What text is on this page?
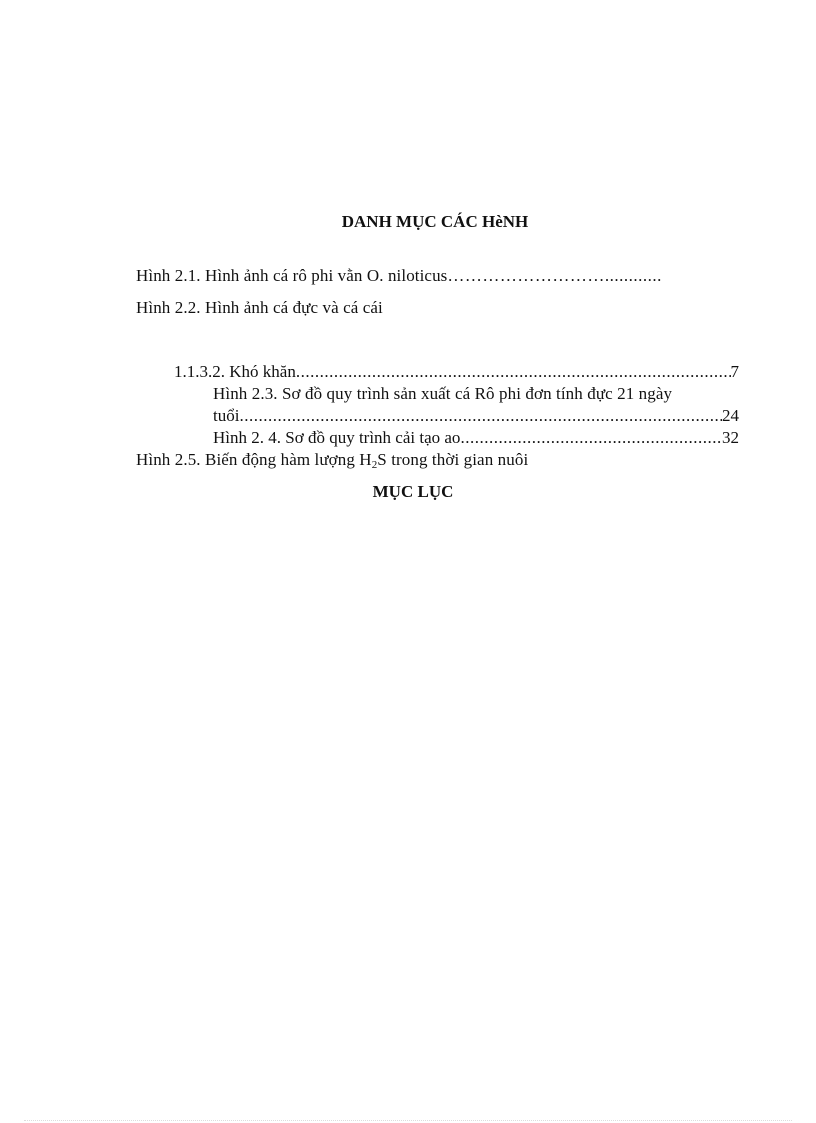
DANH MỤC CÁC HèNH
Hình 2.1. Hình ảnh cá rô phi vằn O. niloticus………………………............
Hình 2.2. Hình ảnh cá đực và cá cái
1.1.3.2. Khó khăn .....	7
Hình 2.3. Sơ đồ quy trình sản xuất cá Rô phi đơn tính đực 21 ngày
tuổi .....	24
Hình 2. 4. Sơ đồ quy trình cải tạo ao .....	32
Hình 2.5. Biến động hàm lượng $H_2S$ trong thời gian nuôi
MỤC LỤC
